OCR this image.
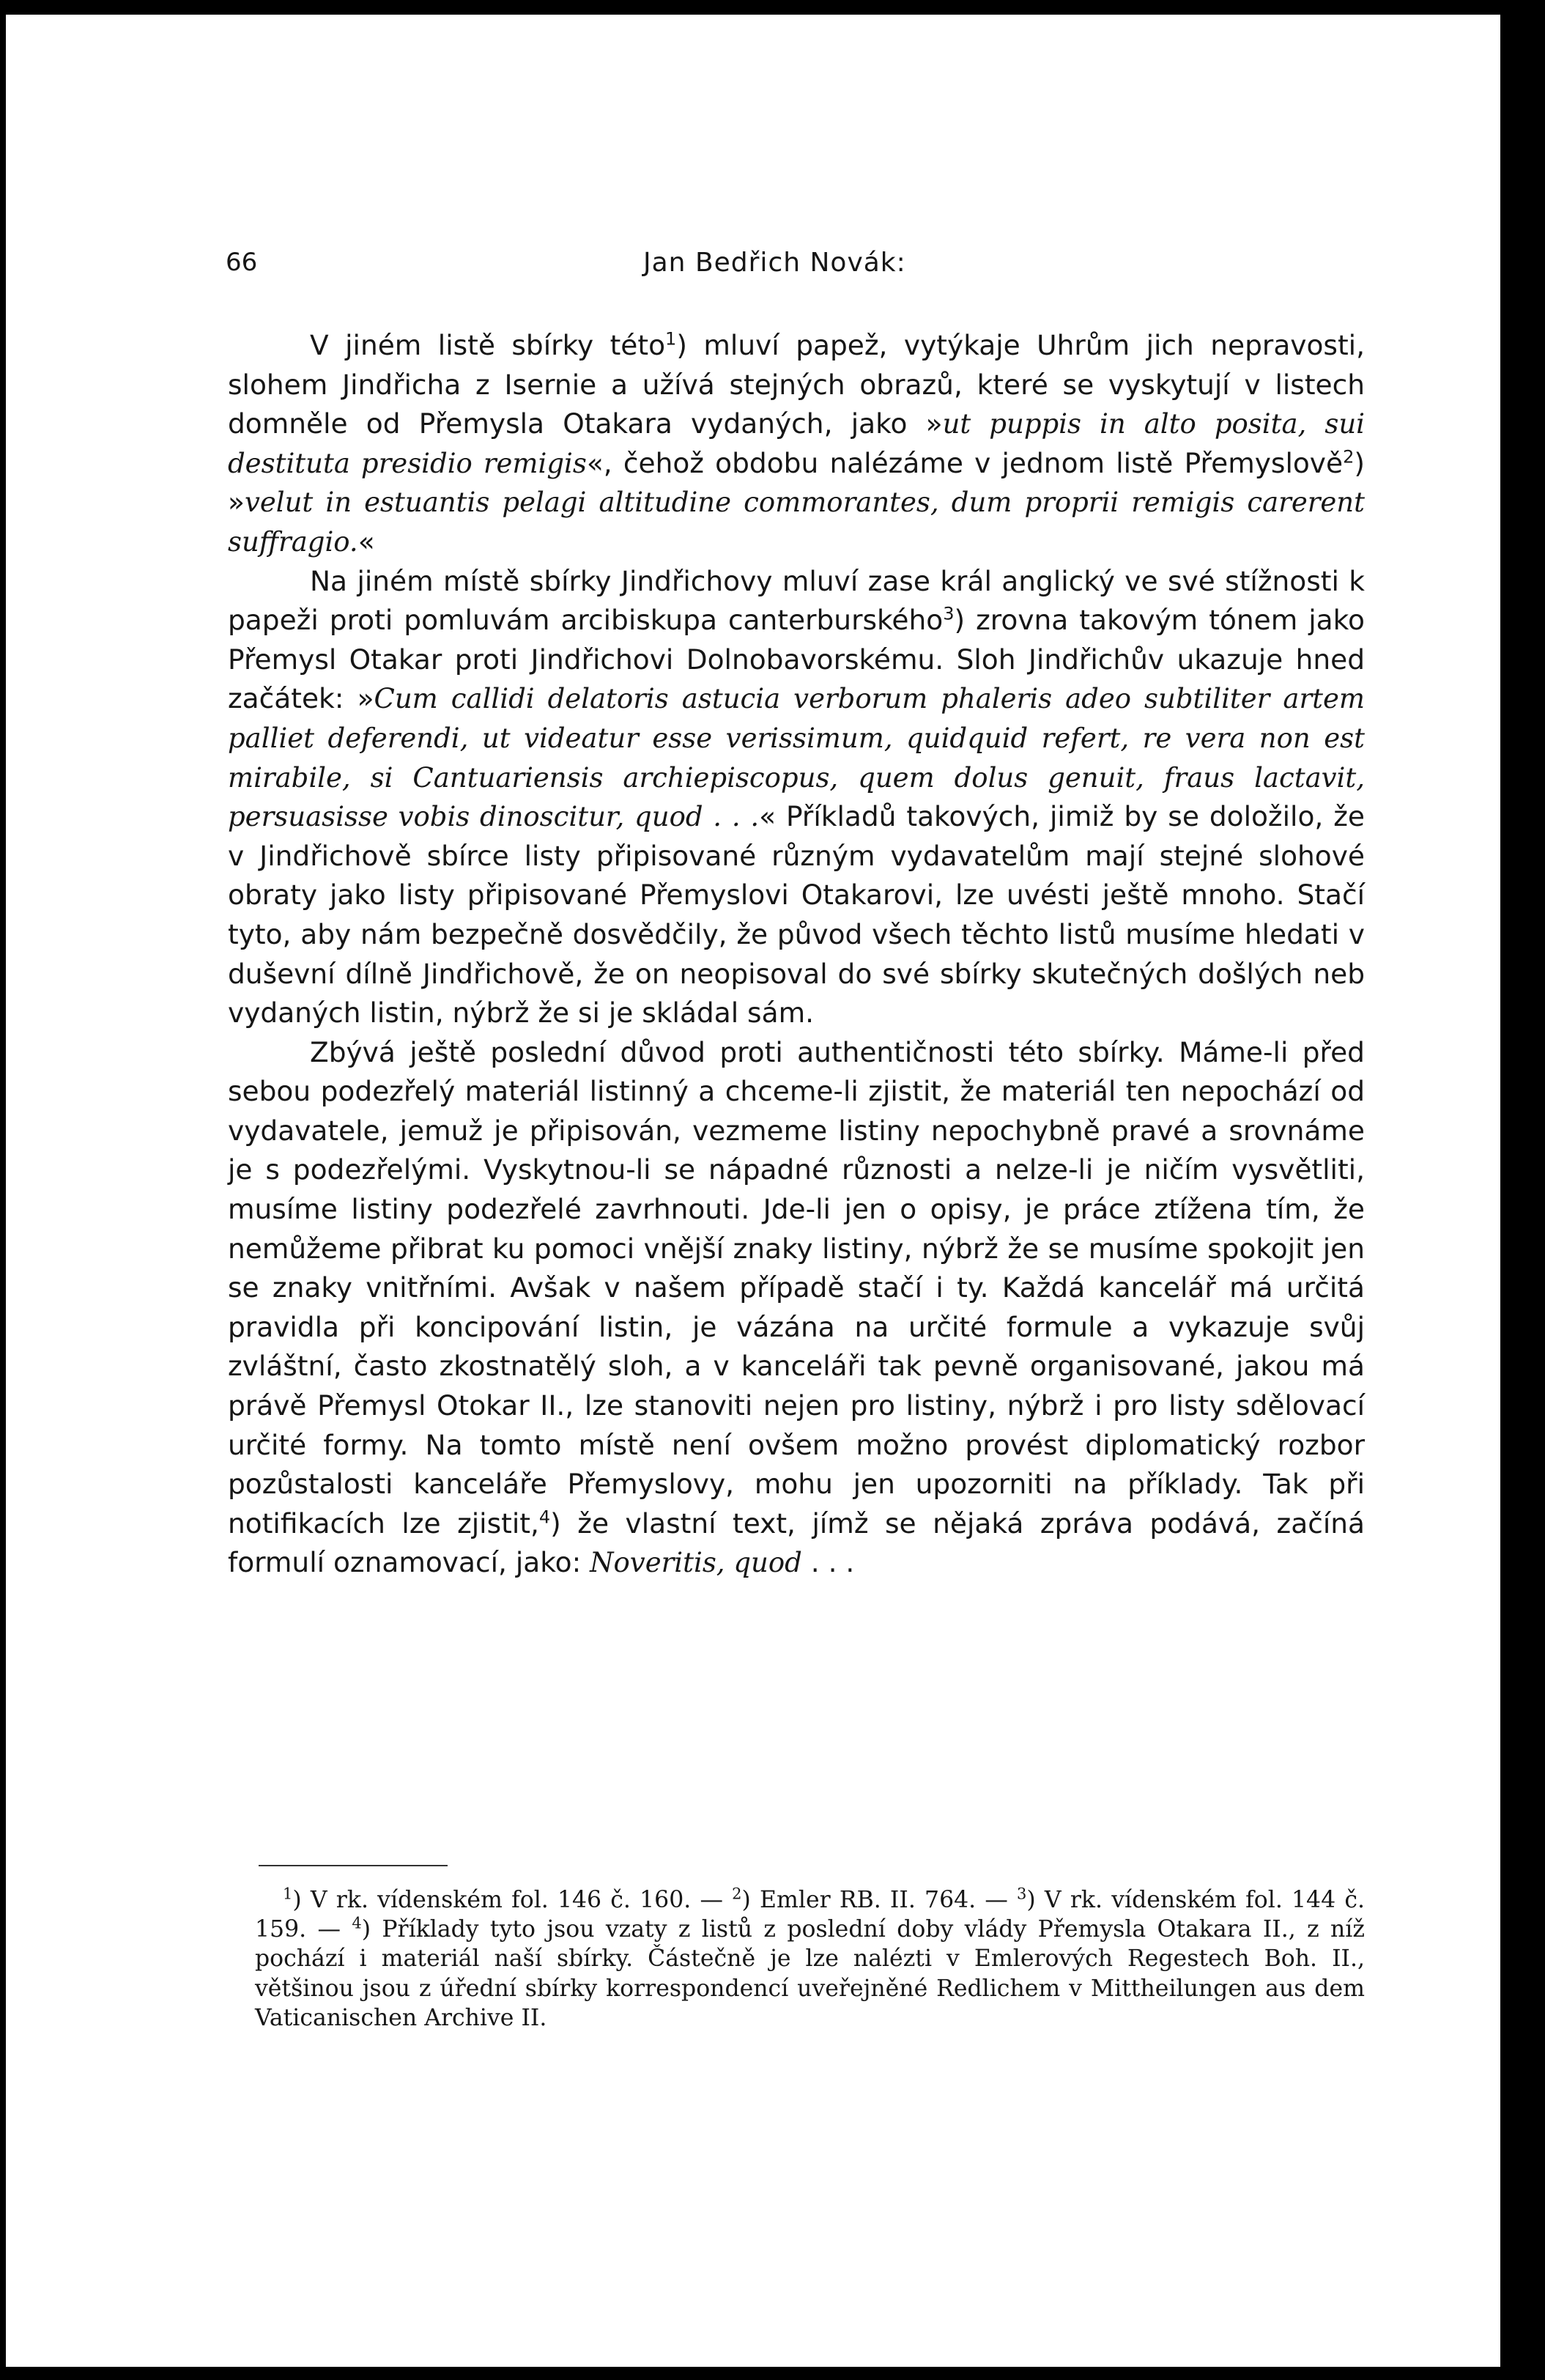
66	Jan Bedřich Novák:

V jiném listě sbírky této$^1$) mluví papež, vytýkaje Uhrům jich nepravosti, slohem Jindřicha z Isernie a užívá stejných obrazů, které se vyskytují v listech domněle od Přemysla Otakara vydaných, jako »ut puppis in alto posita, sui destituta presidio remigis«, čehož obdobu nalézáme v jednom listě Přemyslově$^2$) »velut in estuantis pelagi altitudine commorantes, dum proprii remigis carerent suffragio.«

Na jiném místě sbírky Jindřichovy mluví zase král anglický ve své stížnosti k papeži proti pomluvám arcibiskupa canterburského$^3$) zrovna takovým tónem jako Přemysl Otakar proti Jindřichovi Dolnobavorskému. Sloh Jindřichův ukazuje hned začátek: »Cum callidi delatoris astucia verborum phaleris adeo subtiliter artem palliet deferendi, ut videatur esse verissimum, quidquid refert, re vera non est mirabile, si Cantuariensis archiepiscopus, quem dolus genuit, fraus lactavit, persuasisse vobis dinoscitur, quod . . .« Příkladů takových, jimiž by se doložilo, že v Jindřichově sbírce listy připisované různým vydavatelům mají stejné slohové obraty jako listy připisované Přemyslovi Otakarovi, lze uvésti ještě mnoho. Stačí tyto, aby nám bezpečně dosvědčily, že původ všech těchto listů musíme hledati v duševní dílně Jindřichově, že on neopisoval do své sbírky skutečných došlých neb vydaných listin, nýbrž že si je skládal sám.

Zbývá ještě poslední důvod proti authentičnosti této sbírky. Máme-li před sebou podezřelý materiál listinný a chceme-li zjistit, že materiál ten nepochází od vydavatele, jemuž je připisován, vezmeme listiny nepochybně pravé a srovnáme je s podezřelými. Vyskytnou-li se nápadné různosti a nelze-li je ničím vysvětliti, musíme listiny podezřelé zavrhnouti. Jde-li jen o opisy, je práce ztížena tím, že nemůžeme přibrat ku pomoci vnější znaky listiny, nýbrž že se musíme spokojit jen se znaky vnitřními. Avšak v našem případě stačí i ty. Každá kancelář má určitá pravidla při koncipování listin, je vázána na určité formule a vykazuje svůj zvláštní, často zkostnatělý sloh, a v kanceláři tak pevně organisované, jakou má právě Přemysl Otokar II., lze stanoviti nejen pro listiny, nýbrž i pro listy sdělovací určité formy. Na tomto místě není ovšem možno provést diplomatický rozbor pozůstalosti kanceláře Přemyslovy, mohu jen upozorniti na příklady. Tak při notifikacích lze zjistit,$^4$) že vlastní text, jímž se nějaká zpráva podává, začíná formulí oznamovací, jako: Noveritis, quod . . .

$^1$) V rk. vídenském fol. 146 č. 160. — $^2$) Emler RB. II. 764. — $^3$) V rk. vídenském fol. 144 č. 159. — $^4$) Příklady tyto jsou vzaty z listů z poslední doby vlády Přemysla Otakara II., z níž pochází i materiál naší sbírky. Částečně je lze nalézti v Emlerových Regestech Boh. II., většinou jsou z úřední sbírky korrespondencí uveřejněné Redlichem v Mittheilungen aus dem Vaticanischen Archive II.
